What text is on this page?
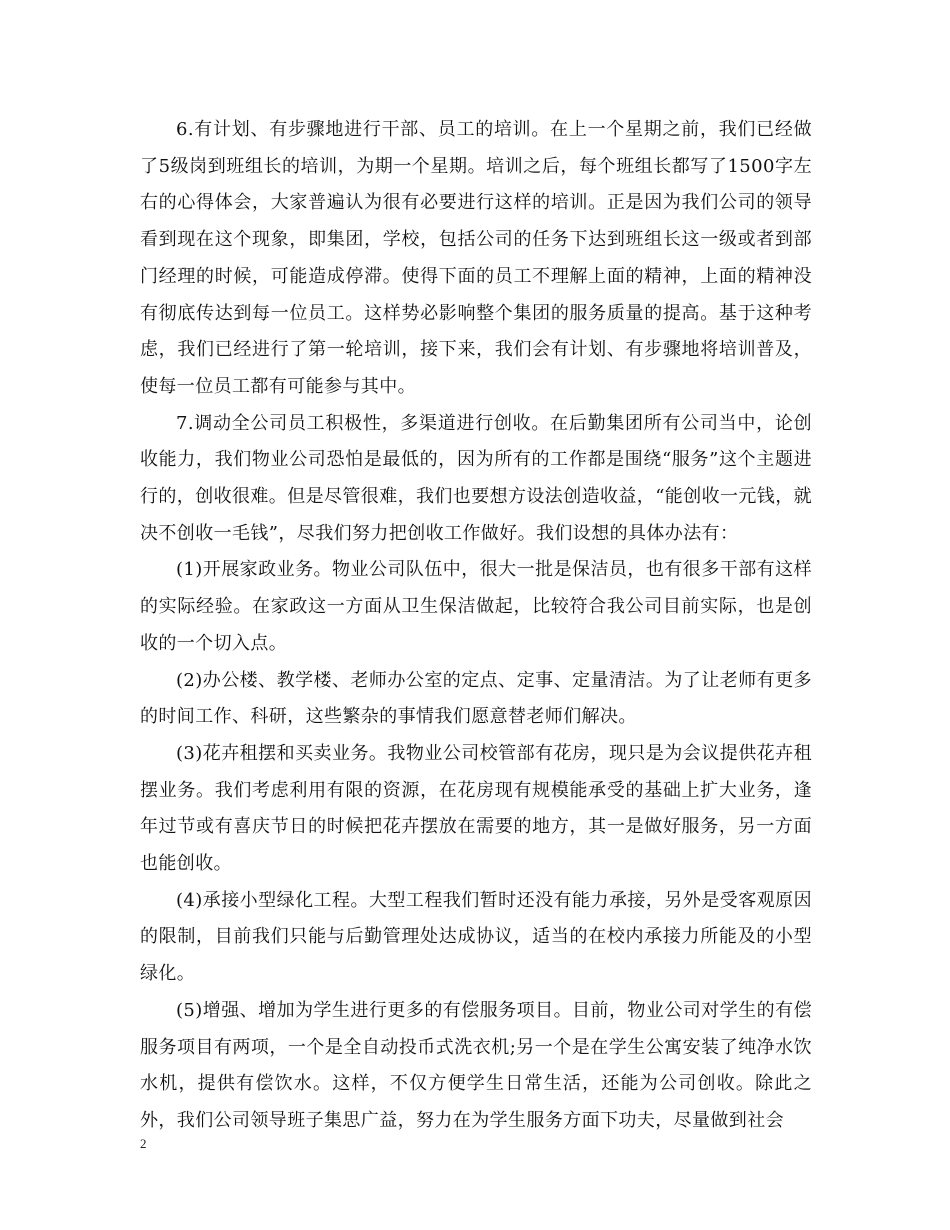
6.有计划、有步骤地进行干部、员工的培训。在上一个星期之前，我们已经做了5级岗到班组长的培训，为期一个星期。培训之后，每个班组长都写了1500字左右的心得体会，大家普遍认为很有必要进行这样的培训。正是因为我们公司的领导看到现在这个现象，即集团，学校，包括公司的任务下达到班组长这一级或者到部门经理的时候，可能造成停滞。使得下面的员工不理解上面的精神，上面的精神没有彻底传达到每一位员工。这样势必影响整个集团的服务质量的提高。基于这种考虑，我们已经进行了第一轮培训，接下来，我们会有计划、有步骤地将培训普及，使每一位员工都有可能参与其中。

7.调动全公司员工积极性，多渠道进行创收。在后勤集团所有公司当中，论创收能力，我们物业公司恐怕是最低的，因为所有的工作都是围绕“服务”这个主题进行的，创收很难。但是尽管很难，我们也要想方设法创造收益，“能创收一元钱，就决不创收一毛钱”，尽我们努力把创收工作做好。我们设想的具体办法有：

(1)开展家政业务。物业公司队伍中，很大一批是保洁员，也有很多干部有这样的实际经验。在家政这一方面从卫生保洁做起，比较符合我公司目前实际，也是创收的一个切入点。

(2)办公楼、教学楼、老师办公室的定点、定事、定量清洁。为了让老师有更多的时间工作、科研，这些繁杂的事情我们愿意替老师们解决。

(3)花卉租摆和买卖业务。我物业公司校管部有花房，现只是为会议提供花卉租摆业务。我们考虑利用有限的资源，在花房现有规模能承受的基础上扩大业务，逢年过节或有喜庆节日的时候把花卉摆放在需要的地方，其一是做好服务，另一方面也能创收。

(4)承接小型绿化工程。大型工程我们暂时还没有能力承接，另外是受客观原因的限制，目前我们只能与后勤管理处达成协议，适当的在校内承接力所能及的小型绿化。

(5)增强、增加为学生进行更多的有偿服务项目。目前，物业公司对学生的有偿服务项目有两项，一个是全自动投币式洗衣机;另一个是在学生公寓安装了纯净水饮水机，提供有偿饮水。这样，不仅方便学生日常生活，还能为公司创收。除此之外，我们公司领导班子集思广益，努力在为学生服务方面下功夫，尽量做到社会

2
